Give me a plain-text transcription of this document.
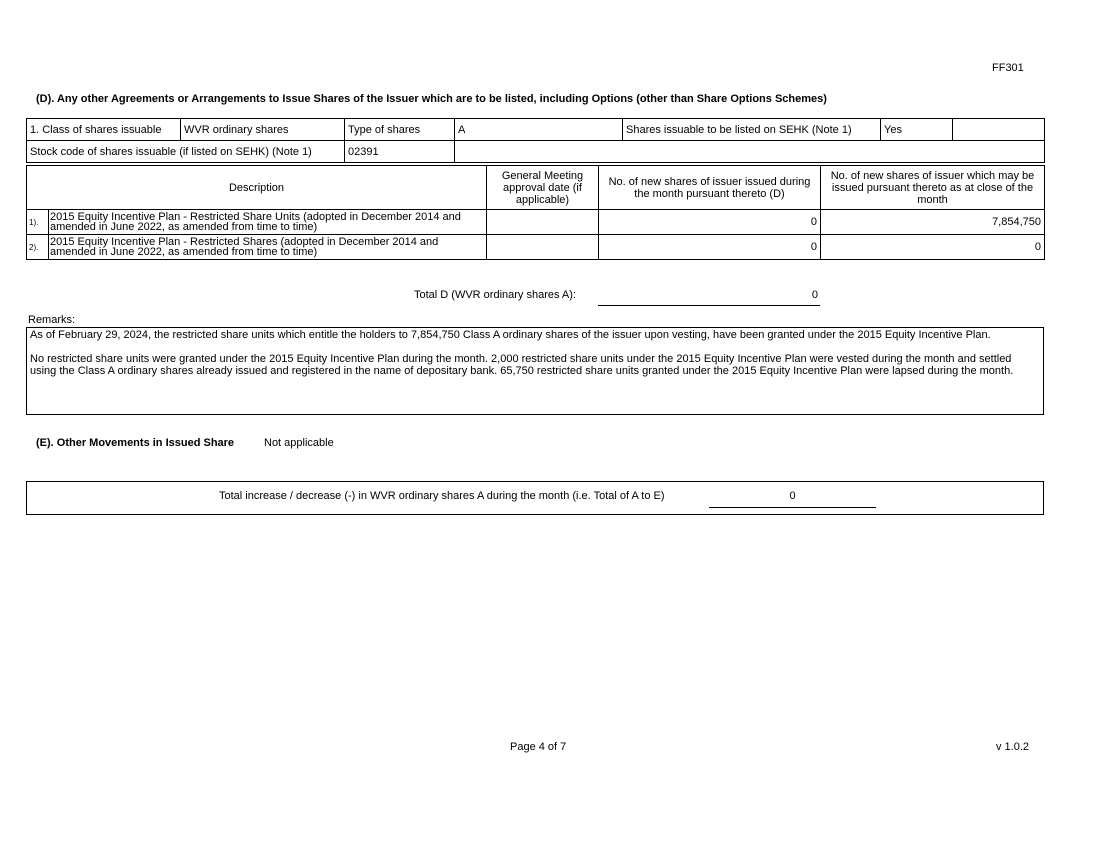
FF301
(D). Any other Agreements or Arrangements to Issue Shares of the Issuer which are to be listed, including Options (other than Share Options Schemes)
1. Class of shares issuable	WVR ordinary shares	Type of shares	A	Shares issuable to be listed on SEHK (Note 1)	Yes	
Stock code of shares issuable (if listed on SEHK) (Note 1)		02391				
Description		General Meeting approval date (if applicable)	No. of new shares of issuer issued during the month pursuant thereto (D)	No. of new shares of issuer which may be issued pursuant thereto as at close of the month
1).	2015 Equity Incentive Plan - Restricted Share Units (adopted in December 2014 and amended in June 2022, as amended from time to time)		0	7,854,750
2).	2015 Equity Incentive Plan - Restricted Shares (adopted in December 2014 and amended in June 2022, as amended from time to time)		0	0
Total D (WVR ordinary shares A):	0
Remarks:

As of February 29, 2024, the restricted share units which entitle the holders to 7,854,750 Class A ordinary shares of the issuer upon vesting, have been granted under the 2015 Equity Incentive Plan.

No restricted share units were granted under the 2015 Equity Incentive Plan during the month. 2,000 restricted share units under the 2015 Equity Incentive Plan were vested during the month and settled using the Class A ordinary shares already issued and registered in the name of depositary bank. 65,750 restricted share units granted under the 2015 Equity Incentive Plan were lapsed during the month.

(E). Other Movements in Issued Share	Not applicable
Total increase / decrease (-) in WVR ordinary shares A during the month (i.e. Total of A to E)	0
Page 4 of 7	v 1.0.2
